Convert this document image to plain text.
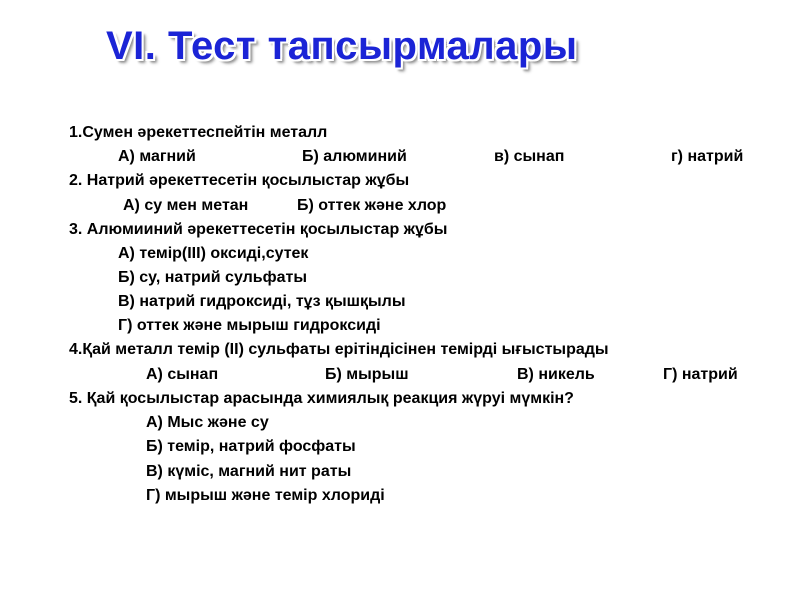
VI. Тест тапсырмалары
1.Сумен әрекеттеспейтін металл
А) магний	Б) алюминий	в) сынап	г) натрий
2. Натрий әрекеттесетін қосылыстар жұбы
А) су мен метан	Б) оттек және хлор
3. Алюмииний әрекеттесетін қосылыстар жұбы
А) темір(ІІІ) оксиді,сутек
Б) су, натрий сульфаты
В) натрий гидроксиді, тұз қышқылы
Г) оттек және мырыш гидроксиді
4.Қай металл темір (ІІ) сульфаты ерітіндісінен темірді ығыстырады
А) сынап	Б) мырыш	В) никель	Г) натрий
5. Қай қосылыстар арасында химиялық реакция жүруі мүмкін?
А) Мыс және су
Б) темір, натрий фосфаты
В) күміс, магний нит раты
Г) мырыш және темір хлориді
